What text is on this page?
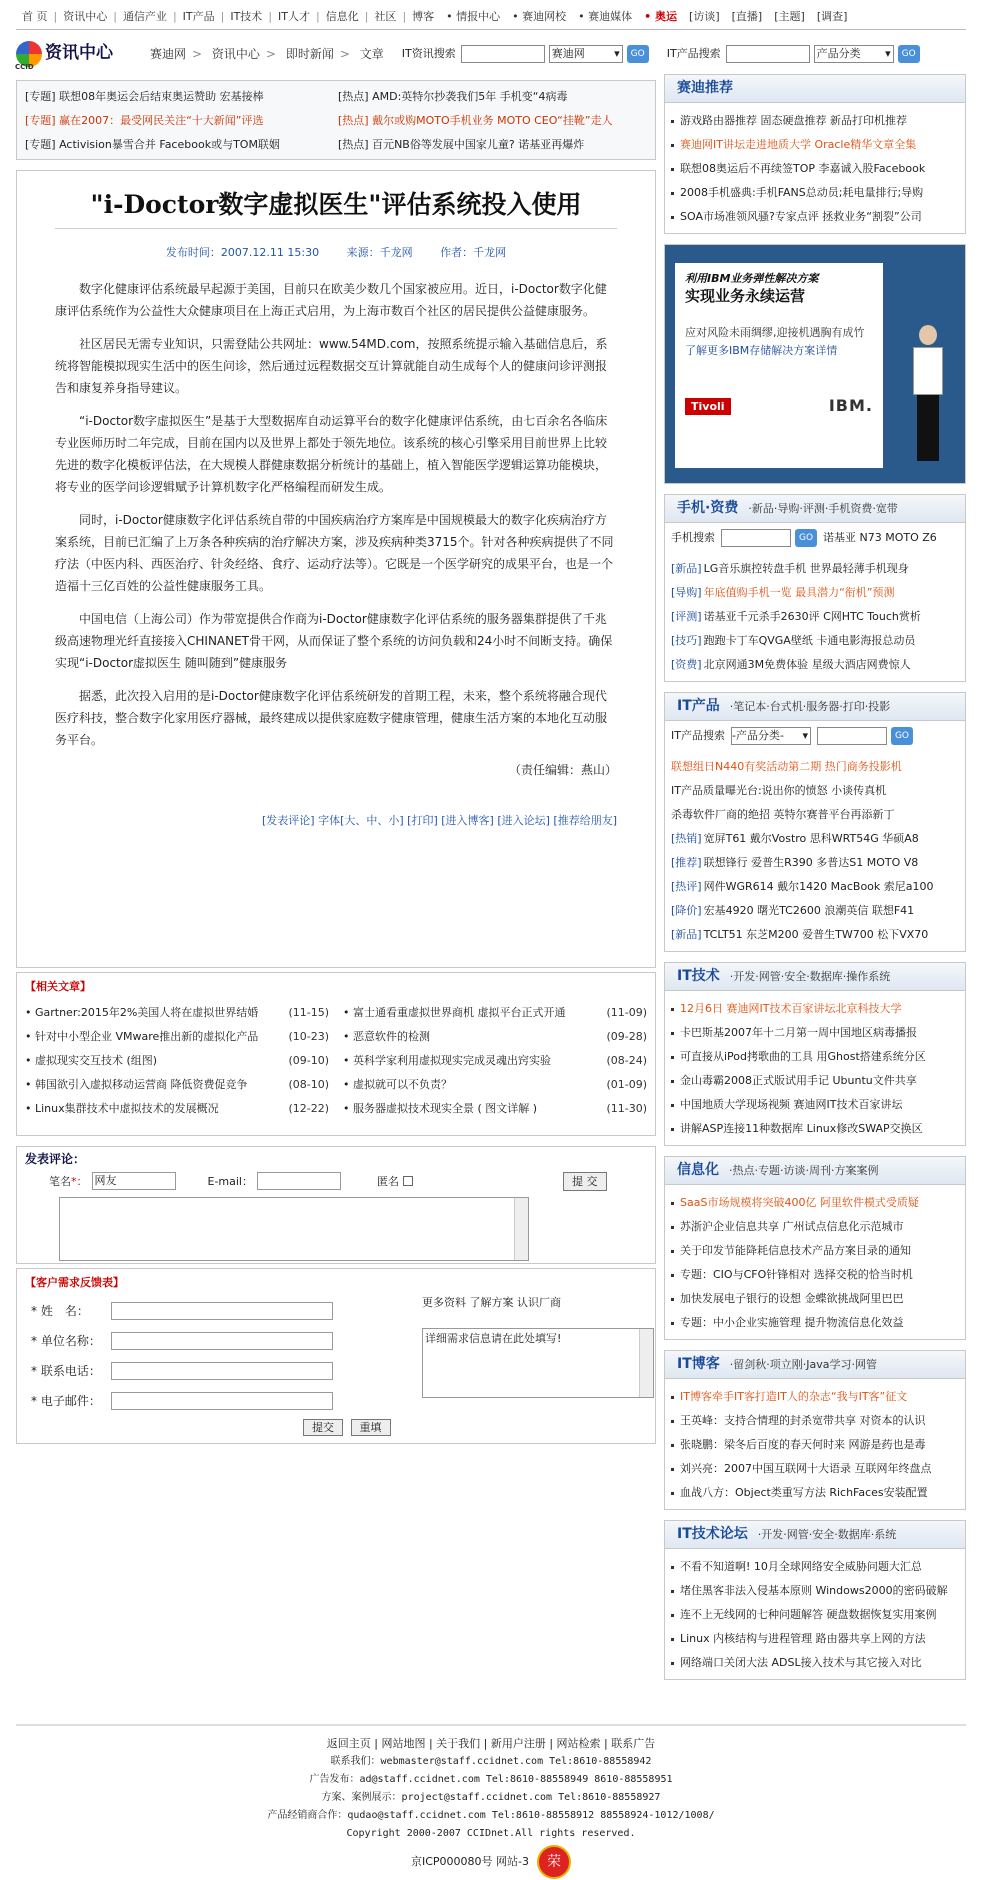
首 页 | 资讯中心 | 通信产业 | IT产品 | IT技术 | IT人才 | 信息化 | 社区 | 博客	• 情报中心	• 赛迪网校	• 赛迪媒体	• 奥运	[访谈]	[直播]	[主题]	[调查]
CCID
资讯中心	赛迪网 > 资讯中心 > 即时新闻 > 文章 IT资讯搜索	赛迪网 ▾	GO	IT产品搜索	产品分类 ▾	GO
[专题] 联想08年奥运会后结束奥运赞助 宏基接棒	[热点] AMD:英特尔抄袭我们5年 手机变“4病毒
[专题] 赢在2007：最受网民关注“十大新闻”评选	[热点] 戴尔或购MOTO手机业务 MOTO CEO“挂靴”走人
[专题] Activision暴雪合并 Facebook或与TOM联姻	[热点] 百元NB俗等发展中国家儿童? 诺基亚再爆炸
"i-Doctor数字虚拟医生"评估系统投入使用
发布时间：2007.12.11 15:30	来源：千龙网	作者：千龙网

数字化健康评估系统最早起源于美国，目前只在欧美少数几个国家被应用。近日，i-Doctor数字化健康评估系统作为公益性大众健康项目在上海正式启用，为上海市数百个社区的居民提供公益健康服务。

社区居民无需专业知识，只需登陆公共网址：www.54MD.com，按照系统提示输入基础信息后，系统将智能模拟现实生活中的医生问诊，然后通过远程数据交互计算就能自动生成每个人的健康问诊评测报告和康复养身指导建议。

“i-Doctor数字虚拟医生”是基于大型数据库自动运算平台的数字化健康评估系统，由七百余名各临床专业医师历时二年完成，目前在国内以及世界上都处于领先地位。该系统的核心引擎采用目前世界上比较先进的数字化模板评估法，在大规模人群健康数据分析统计的基础上，植入智能医学逻辑运算功能模块，将专业的医学问诊逻辑赋予计算机数字化严格编程而研发生成。

同时，i-Doctor健康数字化评估系统自带的中国疾病治疗方案库是中国规模最大的数字化疾病治疗方案系统，目前已汇编了上万条各种疾病的治疗解决方案，涉及疾病种类3715个。针对各种疾病提供了不同疗法（中医内科、西医治疗、针灸经络、食疗、运动疗法等）。它既是一个医学研究的成果平台，也是一个造福十三亿百姓的公益性健康服务工具。

中国电信（上海公司）作为带宽提供合作商为i-Doctor健康数字化评估系统的服务器集群提供了千兆级高速物理光纤直接接入CHINANET骨干网，从而保证了整个系统的访问负载和24小时不间断支持。确保实现“i-Doctor虚拟医生 随叫随到”健康服务

据悉，此次投入启用的是i-Doctor健康数字化评估系统研发的首期工程，未来，整个系统将融合现代医疗科技，整合数字化家用医疗器械，最终建成以提供家庭数字健康管理，健康生活方案的本地化互动服务平台。

（责任编辑：燕山）
[发表评论] 字体[大、中、小] [打印] [进入博客] [进入论坛] [推荐给朋友]
【相关文章】
• Gartner:2015年2%美国人将在虚拟世界结婚	(11-15) • 富士通看重虚拟世界商机 虚拟平台正式开通	(11-09)
• 针对中小型企业 VMware推出新的虚拟化产品	(10-23) • 恶意软件的检测	(09-28)
• 虚拟现实交互技术 (组图)	(09-10) • 英科学家利用虚拟现实完成灵魂出窍实验	(08-24)
• 韩国欲引入虚拟移动运营商 降低资费促竞争	(08-10) • 虚拟就可以不负责？	(01-09)
• Linux集群技术中虚拟技术的发展概况	(12-22) • 服务器虚拟技术现实全景 ( 图文详解 )	(11-30)
发表评论：
笔名 *： 网友	E-mail：	匿名	提 交
【客户需求反馈表】
* 姓　名：
* 单位名称：
* 联系电话：
* 电子邮件：
提交 重填
更多资料 了解方案 认识厂商
详细需求信息请在此处填写!
赛迪推荐
游戏路由器推荐 固态硬盘推荐 新品打印机推荐
赛迪网IT讲坛走进地质大学 Oracle精华文章全集
联想08奥运后不再续签TOP 李嘉诚入股Facebook
2008手机盛典:手机FANS总动员;耗电量排行;导购
SOA市场准领风骚?专家点评 拯救业务“割裂”公司
利用IBM业务弹性解决方案
实现业务永续运营
应对风险未雨绸缪,迎接机遇胸有成竹
了解更多IBM存储解决方案详情
Tivoli	IBM.
手机·资费 ·新品·导购·评测·手机资费·宽带
手机搜索	GO 诺基亚 N73 MOTO Z6
[新品] LG音乐旗控转盘手机 世界最轻薄手机现身
[导购] 年底值购手机一览 最具潜力“衔机”预测
[评测] 诺基亚千元杀手2630评 C网HTC Touch赏析
[技巧] 跑跑卡丁车QVGA壁纸 卡通电影海报总动员
[资费] 北京网通3M免费体验 星级大酒店网费惊人
IT产品 ·笔记本·台式机·服务器·打印·投影
IT产品搜索 -产品分类- ▾	GO
联想组日N440有奖活动第二期 热门商务投影机
IT产品质量曝光台:说出你的愤怒 小谈传真机
杀毒软件厂商的绝招 英特尔赛普平台再添新丁
[热销] 宽屏T61 戴尔Vostro 思科WRT54G 华硕A8
[推荐] 联想锋行 爱普生R390 多普达S1 MOTO V8
[热评] 网件WGR614 戴尔1420 MacBook 索尼a100
[降价] 宏基4920 曙光TC2600 浪潮英信 联想F41
[新品] TCLT51 东芝M200 爱普生TW700 松下VX70
IT技术 ·开发·网管·安全·数据库·操作系统
12月6日 赛迪网IT技术百家讲坛北京科技大学
卡巴斯基2007年十二月第一周中国地区病毒播报
可直接从iPod拷歌曲的工具 用Ghost搭建系统分区
金山毒霸2008正式版试用手记 Ubuntu文件共享
中国地质大学现场视频 赛迪网IT技术百家讲坛
讲解ASP连接11种数据库 Linux修改SWAP交换区
信息化 ·热点·专题·访谈·周刊·方案案例
SaaS市场规模将突破400亿 阿里软件模式受质疑
苏浙沪企业信息共享 广州试点信息化示范城市
关于印发节能降耗信息技术产品方案目录的通知
专题：CIO与CFO针锋相对 选择交税的恰当时机
加快发展电子银行的设想 金蝶欲挑战阿里巴巴
专题：中小企业实施管理 提升物流信息化效益
IT博客 ·留剑秋·项立刚·Java学习·网管
IT博客牵手IT客打造IT人的杂志“我与IT客”征文
王英峰：支持合情理的封杀宽带共享 对资本的认识
张晓鹏：梁冬后百度的春天何时来 网游是药也是毒
刘兴亮：2007中国互联网十大语录 互联网年终盘点
血战八方：Object类重写方法 RichFaces安装配置
IT技术论坛 ·开发·网管·安全·数据库·系统
不看不知道啊! 10月全球网络安全威胁问题大汇总
堵住黑客非法入侵基本原则 Windows2000的密码破解
连不上无线网的七种问题解答 硬盘数据恢复实用案例
Linux 内核结构与进程管理 路由器共享上网的方法
网络端口关闭大法 ADSL接入技术与其它接入对比
返回主页 | 网站地图 | 关于我们 | 新用户注册 | 网站检索 | 联系广告
联系我们：webmaster@staff.ccidnet.com Tel:8610-88558942
广告发布：ad@staff.ccidnet.com Tel:8610-88558949 8610-88558951
方案、案例展示：project@staff.ccidnet.com Tel:8610-88558927
产品经销商合作：qudao@staff.ccidnet.com Tel:8610-88558912 88558924-1012/1008/
Copyright 2000-2007 CCIDnet.All rights reserved.
京ICP000080号 网站-3 荣
